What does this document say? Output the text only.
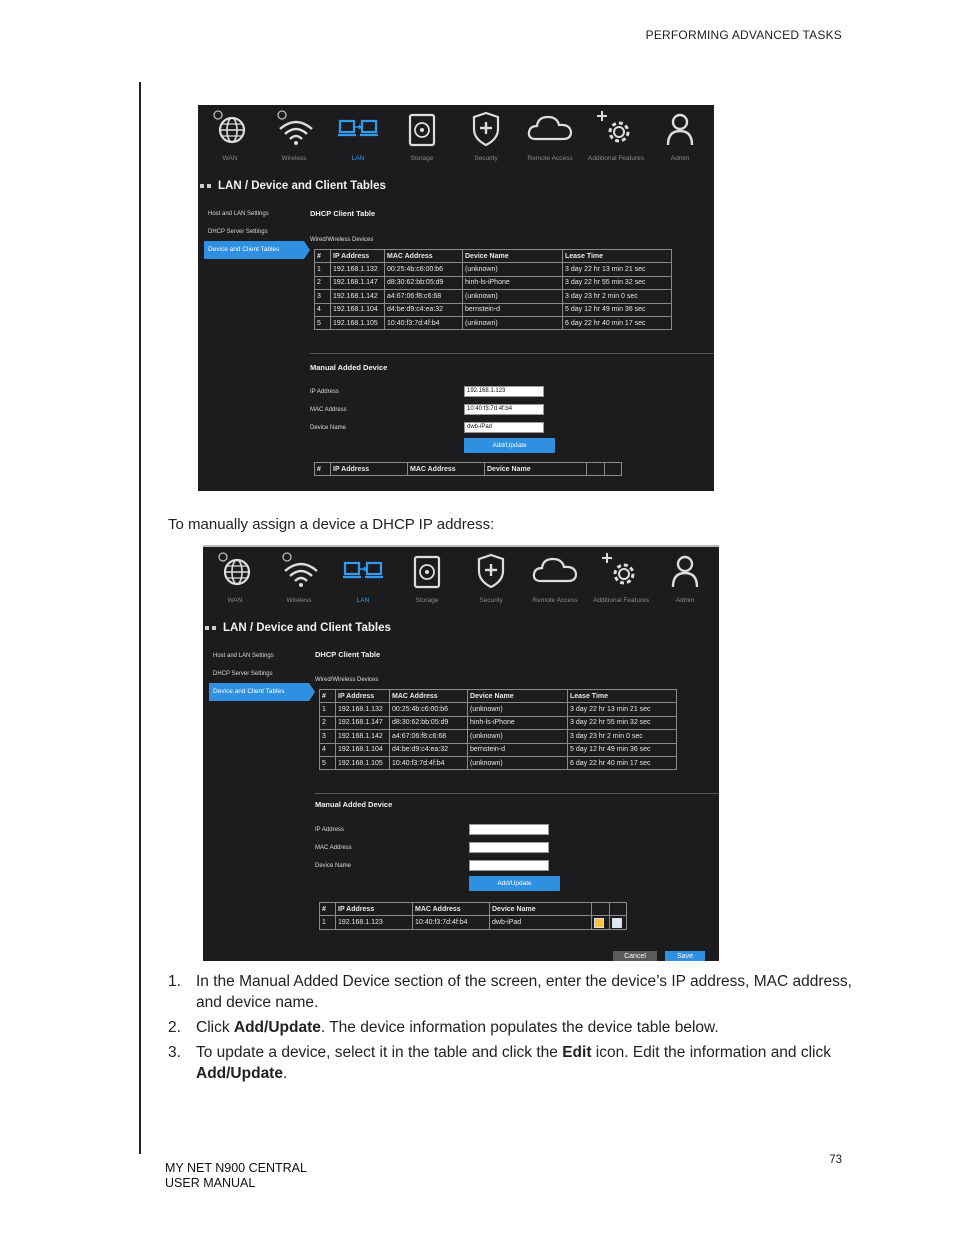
PERFORMING ADVANCED TASKS
WAN	Wireless	LAN	Storage	Security	Remote Access	Additional Features	Admin
LAN / Device and Client Tables
Host and LAN Settings
DHCP Server Settings
Device and Client Tables
DHCP Client Table
Wired/Wireless Devices
#	IP Address	MAC Address	Device Name	Lease Time
1	192.168.1.132	00:25:4b:c6:00:b6	(unknown)	3 day 22 hr 13 min 21 sec
2	192.168.1.147	d8:30:62:bb:05:d9	hinh-ls-iPhone	3 day 22 hr 55 min 32 sec
3	192.168.1.142	a4:67:06:f8:c6:68	(unknown)	3 day 23 hr 2 min 0 sec
4	192.168.1.104	d4:be:d9:c4:ea:32	bernstein-d	5 day 12 hr 49 min 36 sec
5	192.168.1.105	10:40:f3:7d:4f:b4	(unknown)	6 day 22 hr 40 min 17 sec
Manual Added Device
IP Address	192.168.1.123
MAC Address	10:40:f3:7d:4f:b4
Device Name	dwb-iPad
Add/Update
#	IP Address	MAC Address	Device Name		
To manually assign a device a DHCP IP address:
WAN	Wireless	LAN	Storage	Security	Remote Access	Additional Features	Admin
LAN / Device and Client Tables
Host and LAN Settings
DHCP Server Settings
Device and Client Tables
DHCP Client Table
Wired/Wireless Devices
#	IP Address	MAC Address	Device Name	Lease Time
1	192.168.1.132	00:25:4b:c6:00:b6	(unknown)	3 day 22 hr 13 min 21 sec
2	192.168.1.147	d8:30:62:bb:05:d9	hinh-ls-iPhone	3 day 22 hr 55 min 32 sec
3	192.168.1.142	a4:67:06:f8:c6:68	(unknown)	3 day 23 hr 2 min 0 sec
4	192.168.1.104	d4:be:d9:c4:ea:32	bernstein-d	5 day 12 hr 49 min 36 sec
5	192.168.1.105	10:40:f3:7d:4f:b4	(unknown)	6 day 22 hr 40 min 17 sec
Manual Added Device
IP Address
MAC Address
Device Name
Add/Update
#	IP Address	MAC Address	Device Name		
1	192.168.1.123	10:40:f3:7d:4f:b4	dwb-iPad		
Cancel	Save
1. In the Manual Added Device section of the screen, enter the device’s IP address, MAC address, and device name.
2. Click Add/Update. The device information populates the device table below.
3. To update a device, select it in the table and click the Edit icon. Edit the information and click Add/Update.
73
MY NET N900 CENTRAL
USER MANUAL
